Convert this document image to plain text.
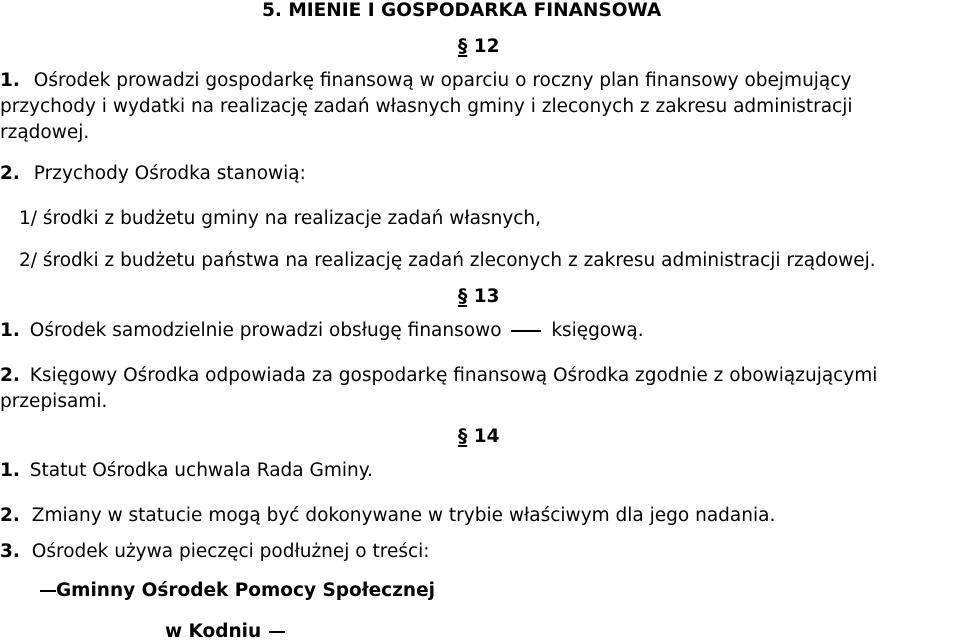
5. MIENIE I GOSPODARKA FINANSOWA
§ 12
1. Ośrodek prowadzi gospodarkę finansową w oparciu o roczny plan finansowy obejmujący
przychody i wydatki na realizację zadań własnych gminy i zleconych z zakresu administracji
rządowej.
2. Przychody Ośrodka stanowią:
1/ środki z budżetu gminy na realizacje zadań własnych,
2/ środki z budżetu państwa na realizację zadań zleconych z zakresu administracji rządowej.
§ 13
1. Ośrodek samodzielnie prowadzi obsługę finansowo	księgową.
2. Księgowy Ośrodka odpowiada za gospodarkę finansową Ośrodka zgodnie z obowiązującymi
przepisami.
§ 14
1. Statut Ośrodka uchwala Rada Gminy.
2. Zmiany w statucie mogą być dokonywane w trybie właściwym dla jego nadania.
3. Ośrodek używa pieczęci podłużnej o treści:
Gminny Ośrodek Pomocy Społecznej
w Kodniu
